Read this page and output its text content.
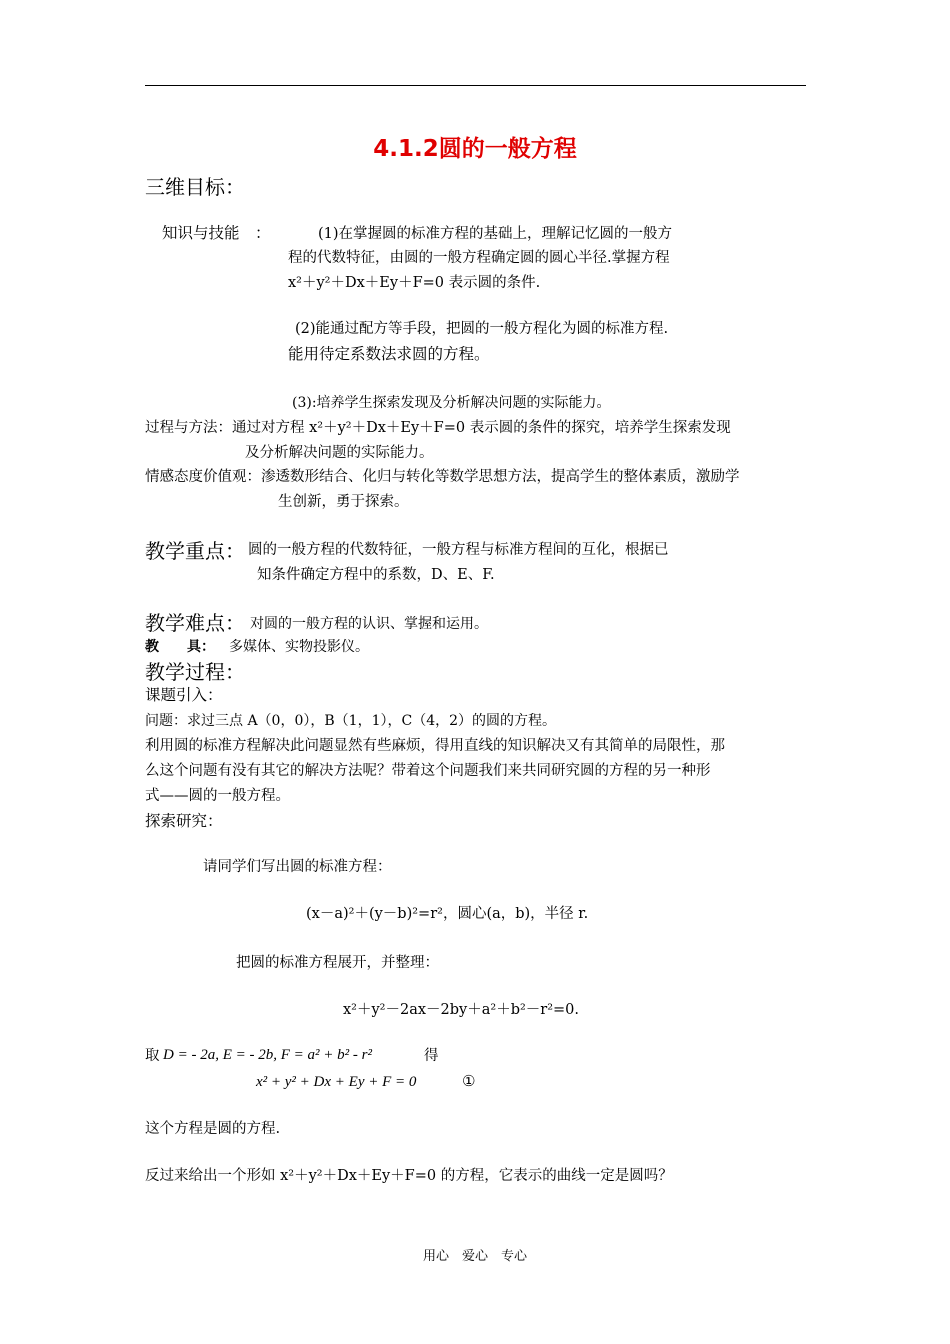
4.1.2圆的一般方程
三维目标：
知识与技能　：	(1)在掌握圆的标准方程的基础上，理解记忆圆的一般方
程的代数特征，由圆的一般方程确定圆的圆心半径.掌握方程
x²＋y²＋Dx＋Ey＋F=0 表示圆的条件.
(2)能通过配方等手段，把圆的一般方程化为圆的标准方程.
能用待定系数法求圆的方程。
(3):培养学生探索发现及分析解决问题的实际能力。
过程与方法：通过对方程 x²＋y²＋Dx＋Ey＋F=0 表示圆的条件的探究，培养学生探索发现
及分析解决问题的实际能力。
情感态度价值观：渗透数形结合、化归与转化等数学思想方法，提高学生的整体素质，激励学
生创新，勇于探索。
教学重点： 圆的一般方程的代数特征，一般方程与标准方程间的互化，根据已
知条件确定方程中的系数，D、E、F.
教学难点： 对圆的一般方程的认识、掌握和运用。
教　　具： 多媒体、实物投影仪。
教学过程：
课题引入：
问题：求过三点 A（0，0），B（1，1），C（4，2）的圆的方程。
利用圆的标准方程解决此问题显然有些麻烦，得用直线的知识解决又有其简单的局限性，那
么这个问题有没有其它的解决方法呢？带着这个问题我们来共同研究圆的方程的另一种形
式——圆的一般方程。
探索研究：
请同学们写出圆的标准方程：
(x－a)²＋(y－b)²=r²，圆心(a，b)，半径 r.
把圆的标准方程展开，并整理：
x²＋y²－2ax－2by＋a²＋b²－r²=0.
取 D = - 2a, E = - 2b, F = a² + b² - r²	得
x² + y² + Dx + Ey + F = 0	①
这个方程是圆的方程.
反过来给出一个形如 x²＋y²＋Dx＋Ey＋F=0 的方程，它表示的曲线一定是圆吗？
用心　爱心　专心
